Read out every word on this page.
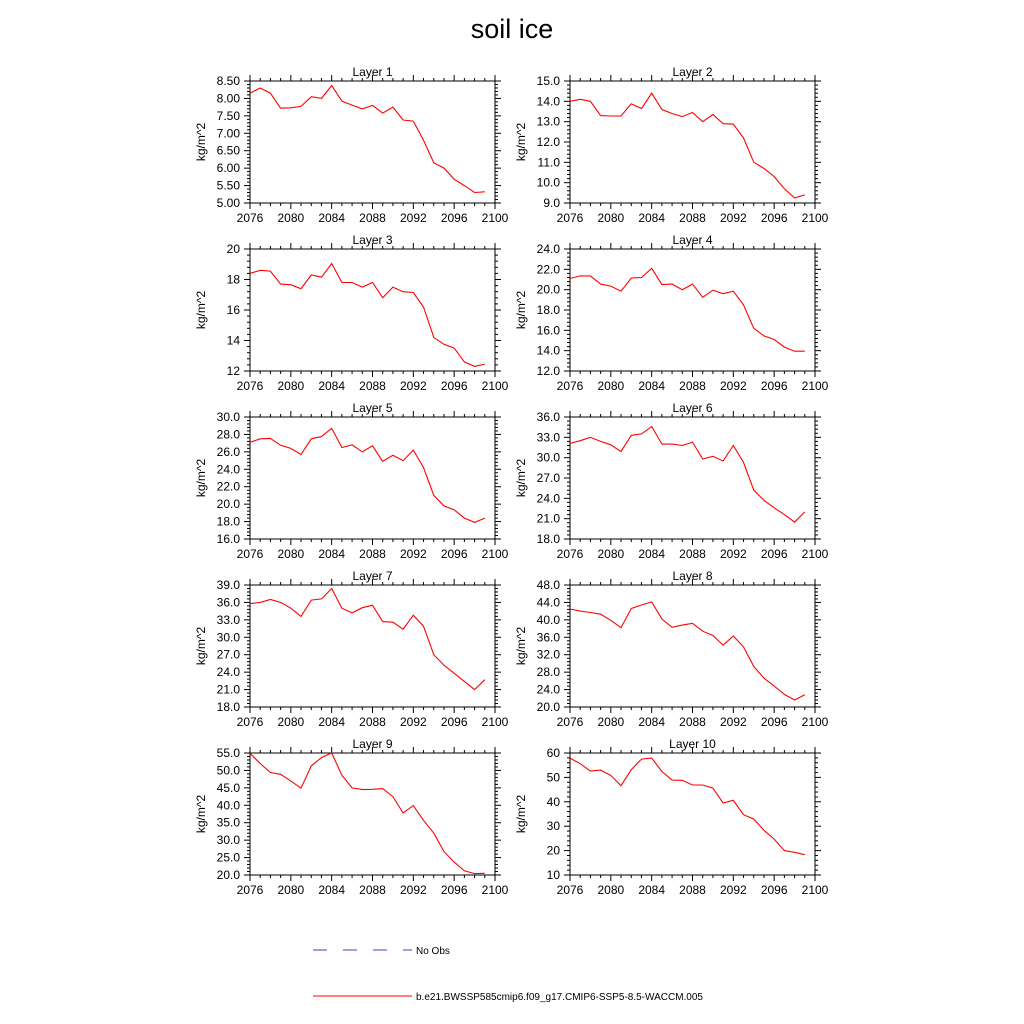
soil ice
Layer 1
2076 2080 2084 2088 2092 2096 2100
5.00
5.50
6.00
6.50
7.00
7.50
8.00
8.50
kg/m^2
Layer 2
2076 2080 2084 2088 2092 2096 2100
9.0
10.0
11.0
12.0
13.0
14.0
15.0
kg/m^2
Layer 3
2076 2080 2084 2088 2092 2096 2100
12
14
16
18
20
kg/m^2
Layer 4
2076 2080 2084 2088 2092 2096 2100
12.0
14.0
16.0
18.0
20.0
22.0
24.0
kg/m^2
Layer 5
2076 2080 2084 2088 2092 2096 2100
16.0
18.0
20.0
22.0
24.0
26.0
28.0
30.0
kg/m^2
Layer 6
2076 2080 2084 2088 2092 2096 2100
18.0
21.0
24.0
27.0
30.0
33.0
36.0
kg/m^2
Layer 7
2076 2080 2084 2088 2092 2096 2100
18.0
21.0
24.0
27.0
30.0
33.0
36.0
39.0
kg/m^2
Layer 8
2076 2080 2084 2088 2092 2096 2100
20.0
24.0
28.0
32.0
36.0
40.0
44.0
48.0
kg/m^2
Layer 9
2076 2080 2084 2088 2092 2096 2100
20.0
25.0
30.0
35.0
40.0
45.0
50.0
55.0
kg/m^2
Layer 10
2076 2080 2084 2088 2092 2096 2100
10
20
30
40
50
60
kg/m^2
No Obs
b.e21.BWSSP585cmip6.f09_g17.CMIP6-SSP5-8.5-WACCM.005
